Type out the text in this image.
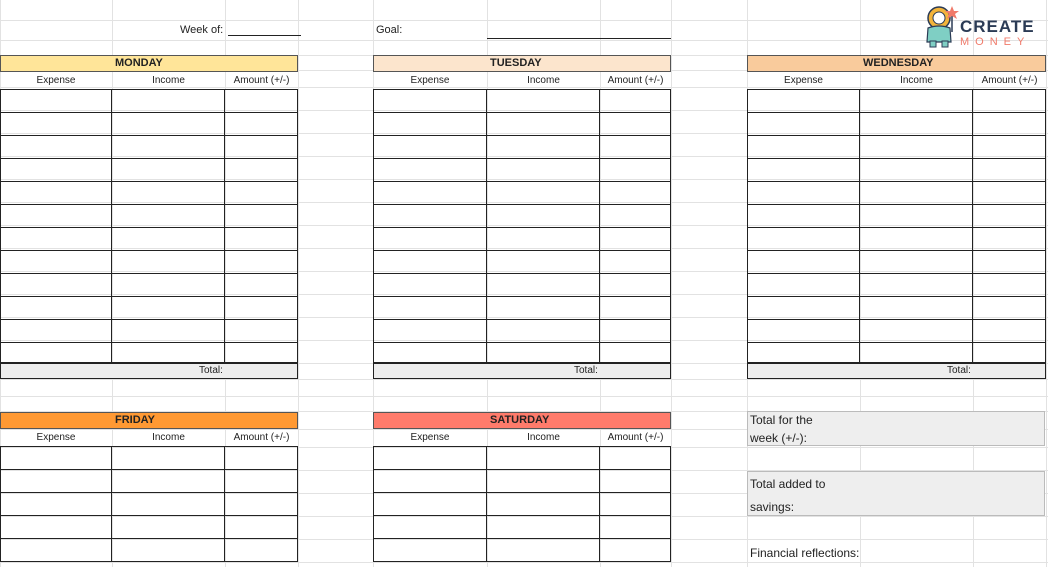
Week of:	Goal:	CREATE
MONEY
MONDAY
Expense	Income	Amount (+/-)
Total:
TUESDAY
Expense	Income	Amount (+/-)
Total:
WEDNESDAY
Expense	Income	Amount (+/-)
Total:
FRIDAY
Expense	Income	Amount (+/-)
SATURDAY
Expense	Income	Amount (+/-)
Total for the
week (+/-):
Total added to
savings:
Financial reflections:
